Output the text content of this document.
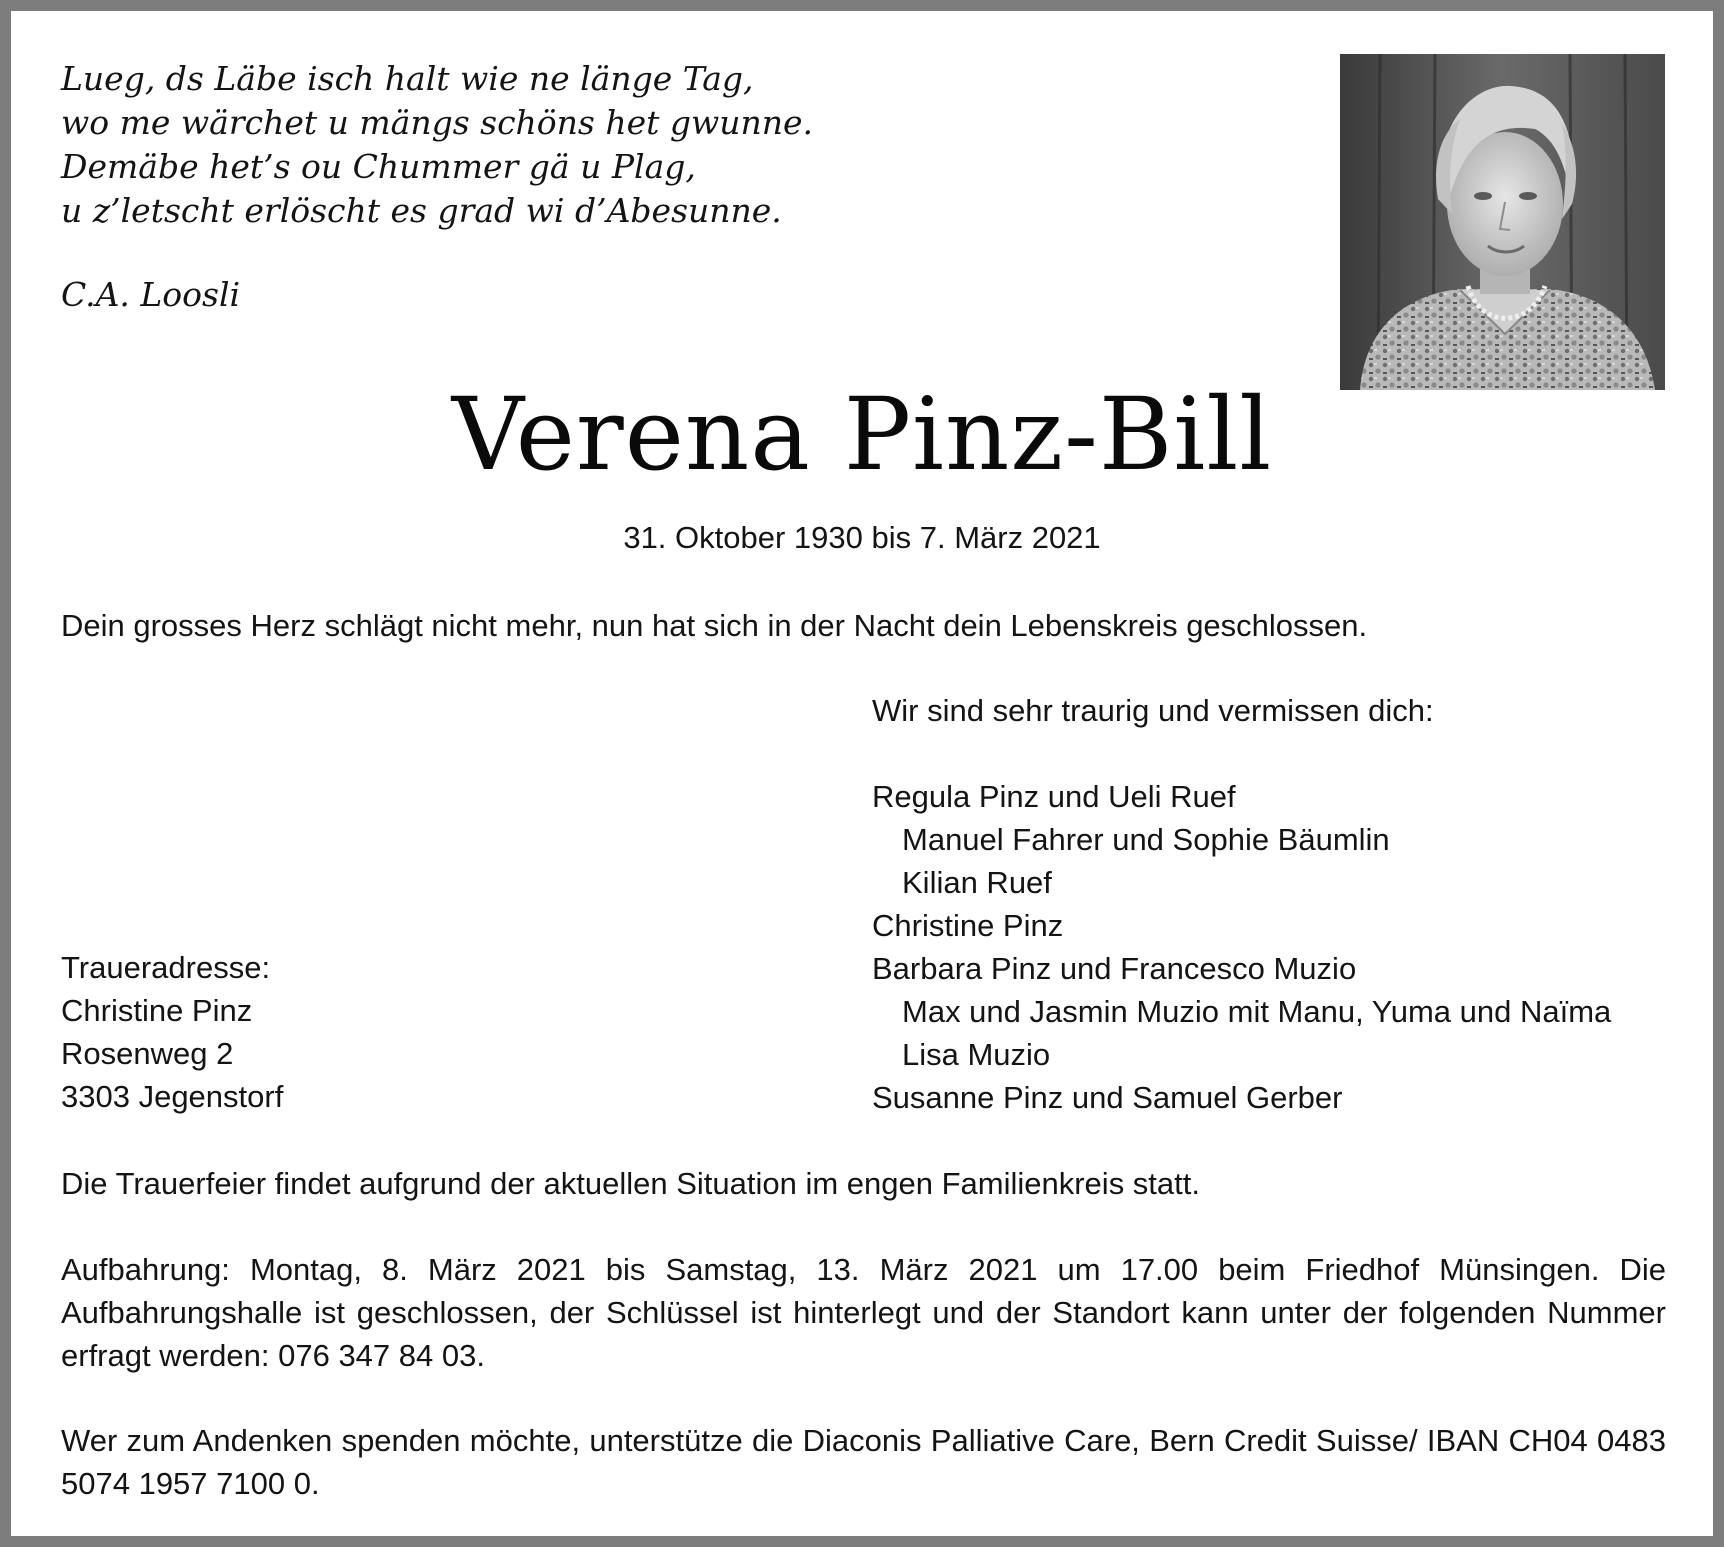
Lueg, ds Läbe isch halt wie ne länge Tag,
wo me wärchet u mängs schöns het gwunne.
Demäbe het’s ou Chummer gä u Plag,
u z’letscht erlöscht es grad wi d’Abesunne.
C.A. Loosli
Verena Pinz-Bill
31. Oktober 1930 bis 7. März 2021
Dein grosses Herz schlägt nicht mehr, nun hat sich in der Nacht dein Lebenskreis geschlossen.
Wir sind sehr traurig und vermissen dich:
Regula Pinz und Ueli Ruef
Manuel Fahrer und Sophie Bäumlin
Kilian Ruef
Christine Pinz
Barbara Pinz und Francesco Muzio
Max und Jasmin Muzio mit Manu, Yuma und Naïma
Lisa Muzio
Susanne Pinz und Samuel Gerber
Traueradresse:
Christine Pinz
Rosenweg 2
3303 Jegenstorf
Die Trauerfeier findet aufgrund der aktuellen Situation im engen Familienkreis statt.
Aufbahrung: Montag, 8. März 2021 bis Samstag, 13. März 2021 um 17.00 beim Friedhof Münsingen. Die Aufbahrungshalle ist geschlossen, der Schlüssel ist hinterlegt und der Standort kann unter der folgenden Nummer erfragt werden: 076 347 84 03.
Wer zum Andenken spenden möchte, unterstütze die Diaconis Palliative Care, Bern Credit Suisse/ IBAN CH04 0483 5074 1957 7100 0.
